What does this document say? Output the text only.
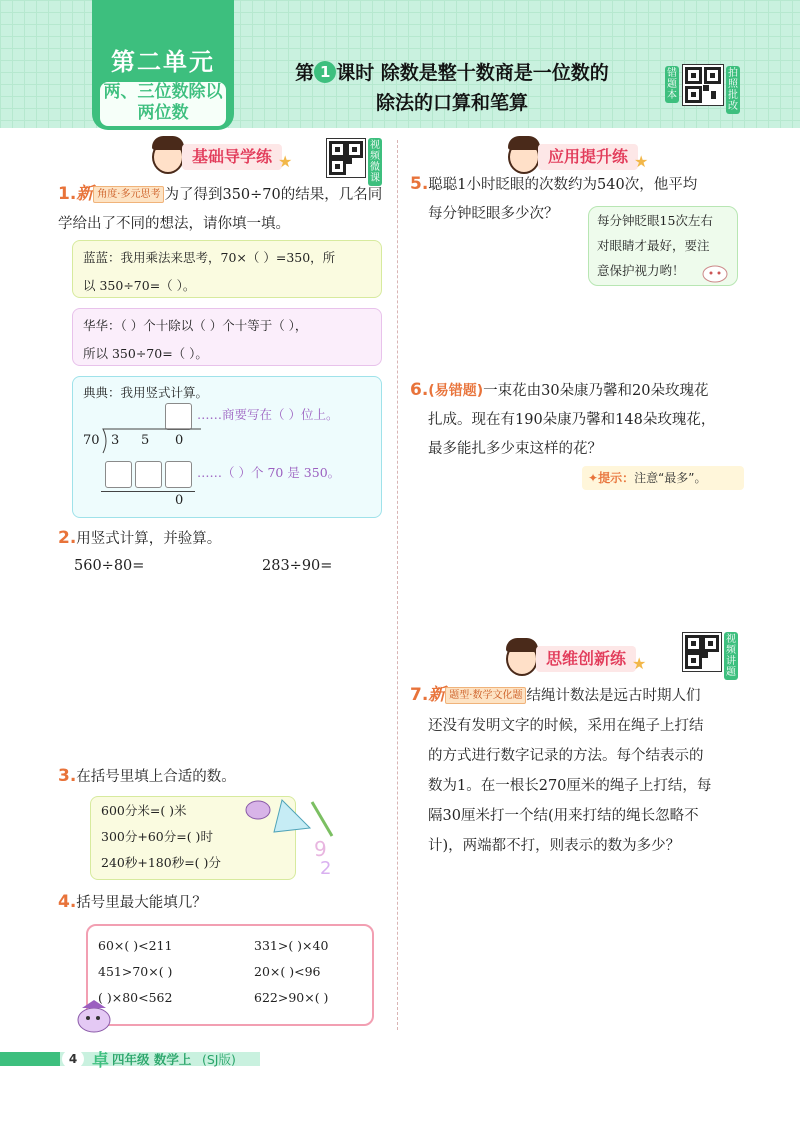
第二单元
两、三位数除以两位数
第 1 课时 除数是整十数商是一位数的
除法的口算和笔算
错题本
拍照批改
基础导学练 ★
视频微课
1.新 角度·多元思考 为了得到350÷70的结果，几名同
学给出了不同的想法，请你填一填。
蓝蓝：我用乘法来思考，70×（ ）=350，所
以 350÷70=（ ）。
华华：（ ）个十除以（ ）个十等于（ ），
所以 350÷70=（ ）。
典典：我用竖式计算。
……商要写在（ ）位上。
70 3 5 0
……（ ）个 70 是 350。
0
2.用竖式计算，并验算。
560÷80=	283÷90=
3.在括号里填上合适的数。
600分米=( )米
300分+60分=( )时
240秒+180秒=( )分
9
2
4.括号里最大能填几？
60×( )<211	331>( )×40
451>70×( )	20×( )<96
( )×80<562	622>90×( )
应用提升练 ★
5.聪聪1小时眨眼的次数约为540次，他平均
每分钟眨眼多少次？	每分钟眨眼15次左右
对眼睛才最好，要注
意保护视力哟！
6.(易错题)一束花由30朵康乃馨和20朵玫瑰花
扎成。现在有190朵康乃馨和148朵玫瑰花，
最多能扎多少束这样的花？
✦提示：注意“最多”。
思维创新练 ★
视频讲题
7.新 题型·数学文化题 结绳计数法是远古时期人们
还没有发明文字的时候，采用在绳子上打结
的方式进行数字记录的方法。每个结表示的
数为1。在一根长270厘米的绳子上打结，每
隔30厘米打一个结(用来打结的绳长忽略不
计)，两端都不打，则表示的数为多少？
4 卓 四年级 数学上 (SJ版)
